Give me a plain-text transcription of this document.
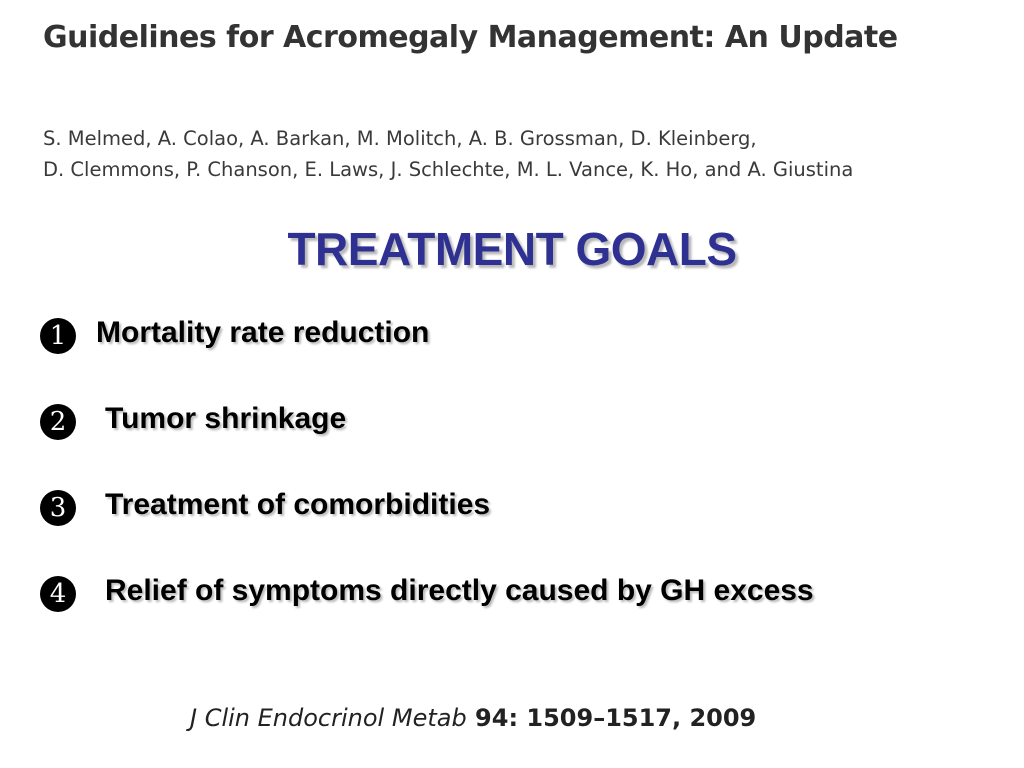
Guidelines for Acromegaly Management: An Update
S. Melmed, A. Colao, A. Barkan, M. Molitch, A. B. Grossman, D. Kleinberg,
D. Clemmons, P. Chanson, E. Laws, J. Schlechte, M. L. Vance, K. Ho, and A. Giustina
TREATMENT GOALS
1 Mortality rate reduction
2	Tumor shrinkage
3	Treatment of comorbidities
4	Relief of symptoms directly caused by GH excess
J Clin Endocrinol Metab 94: 1509–1517, 2009
